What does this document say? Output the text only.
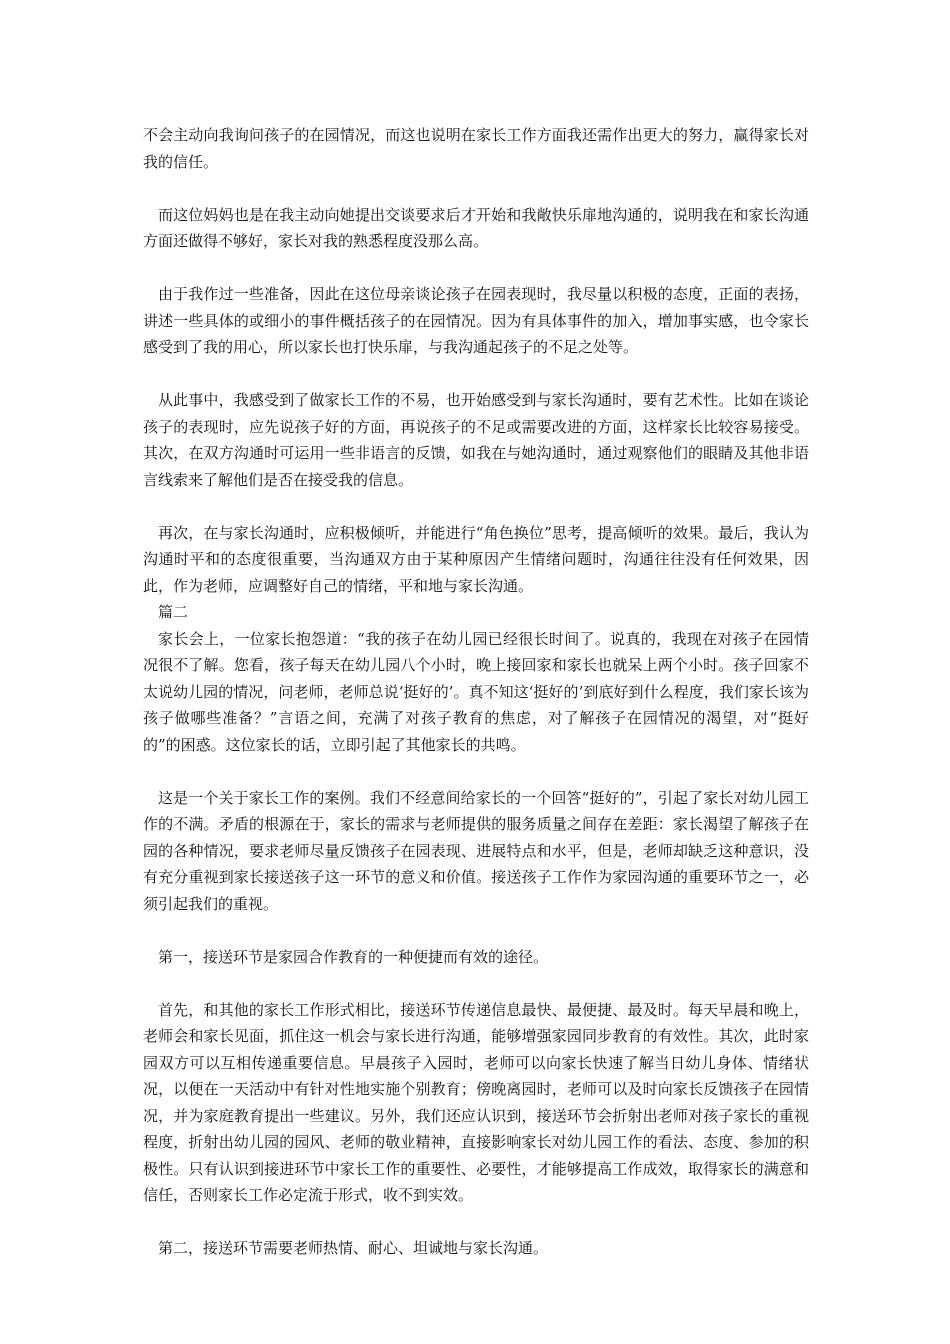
不会主动向我询问孩子的在园情况，而这也说明在家长工作方面我还需作出更大的努力，赢得家长对我的信任。

而这位妈妈也是在我主动向她提出交谈要求后才开始和我敞快乐扉地沟通的，说明我在和家长沟通方面还做得不够好，家长对我的熟悉程度没那么高。

由于我作过一些准备，因此在这位母亲谈论孩子在园表现时，我尽量以积极的态度，正面的表扬，讲述一些具体的或细小的事件概括孩子的在园情况。因为有具体事件的加入，增加事实感，也令家长感受到了我的用心，所以家长也打快乐扉，与我沟通起孩子的不足之处等。

从此事中，我感受到了做家长工作的不易，也开始感受到与家长沟通时，要有艺术性。比如在谈论孩子的表现时，应先说孩子好的方面，再说孩子的不足或需要改进的方面，这样家长比较容易接受。其次，在双方沟通时可运用一些非语言的反馈，如我在与她沟通时，通过观察他们的眼睛及其他非语言线索来了解他们是否在接受我的信息。

再次，在与家长沟通时，应积极倾听，并能进行“角色换位”思考，提高倾听的效果。最后，我认为沟通时平和的态度很重要，当沟通双方由于某种原因产生情绪问题时，沟通往往没有任何效果，因此，作为老师，应调整好自己的情绪，平和地与家长沟通。

篇二

家长会上，一位家长抱怨道：“我的孩子在幼儿园已经很长时间了。说真的，我现在对孩子在园情况很不了解。您看，孩子每天在幼儿园八个小时，晚上接回家和家长也就呆上两个小时。孩子回家不太说幼儿园的情况，问老师，老师总说‘挺好的’。真不知这‘挺好的’到底好到什么程度，我们家长该为孩子做哪些准备？”言语之间，充满了对孩子教育的焦虑，对了解孩子在园情况的渴望，对“挺好的”的困惑。这位家长的话，立即引起了其他家长的共鸣。

这是一个关于家长工作的案例。我们不经意间给家长的一个回答“挺好的”，引起了家长对幼儿园工作的不满。矛盾的根源在于，家长的需求与老师提供的服务质量之间存在差距：家长渴望了解孩子在园的各种情况，要求老师尽量反馈孩子在园表现、进展特点和水平，但是，老师却缺乏这种意识，没有充分重视到家长接送孩子这一环节的意义和价值。接送孩子工作作为家园沟通的重要环节之一，必须引起我们的重视。

第一，接送环节是家园合作教育的一种便捷而有效的途径。

首先，和其他的家长工作形式相比，接送环节传递信息最快、最便捷、最及时。每天早晨和晚上，老师会和家长见面，抓住这一机会与家长进行沟通，能够增强家园同步教育的有效性。其次，此时家园双方可以互相传递重要信息。早晨孩子入园时，老师可以向家长快速了解当日幼儿身体、情绪状况，以便在一天活动中有针对性地实施个别教育；傍晚离园时，老师可以及时向家长反馈孩子在园情况，并为家庭教育提出一些建议。另外，我们还应认识到，接送环节会折射出老师对孩子家长的重视程度，折射出幼儿园的园风、老师的敬业精神，直接影响家长对幼儿园工作的看法、态度、参加的积极性。只有认识到接进环节中家长工作的重要性、必要性，才能够提高工作成效，取得家长的满意和信任，否则家长工作必定流于形式，收不到实效。

第二，接送环节需要老师热情、耐心、坦诚地与家长沟通。
